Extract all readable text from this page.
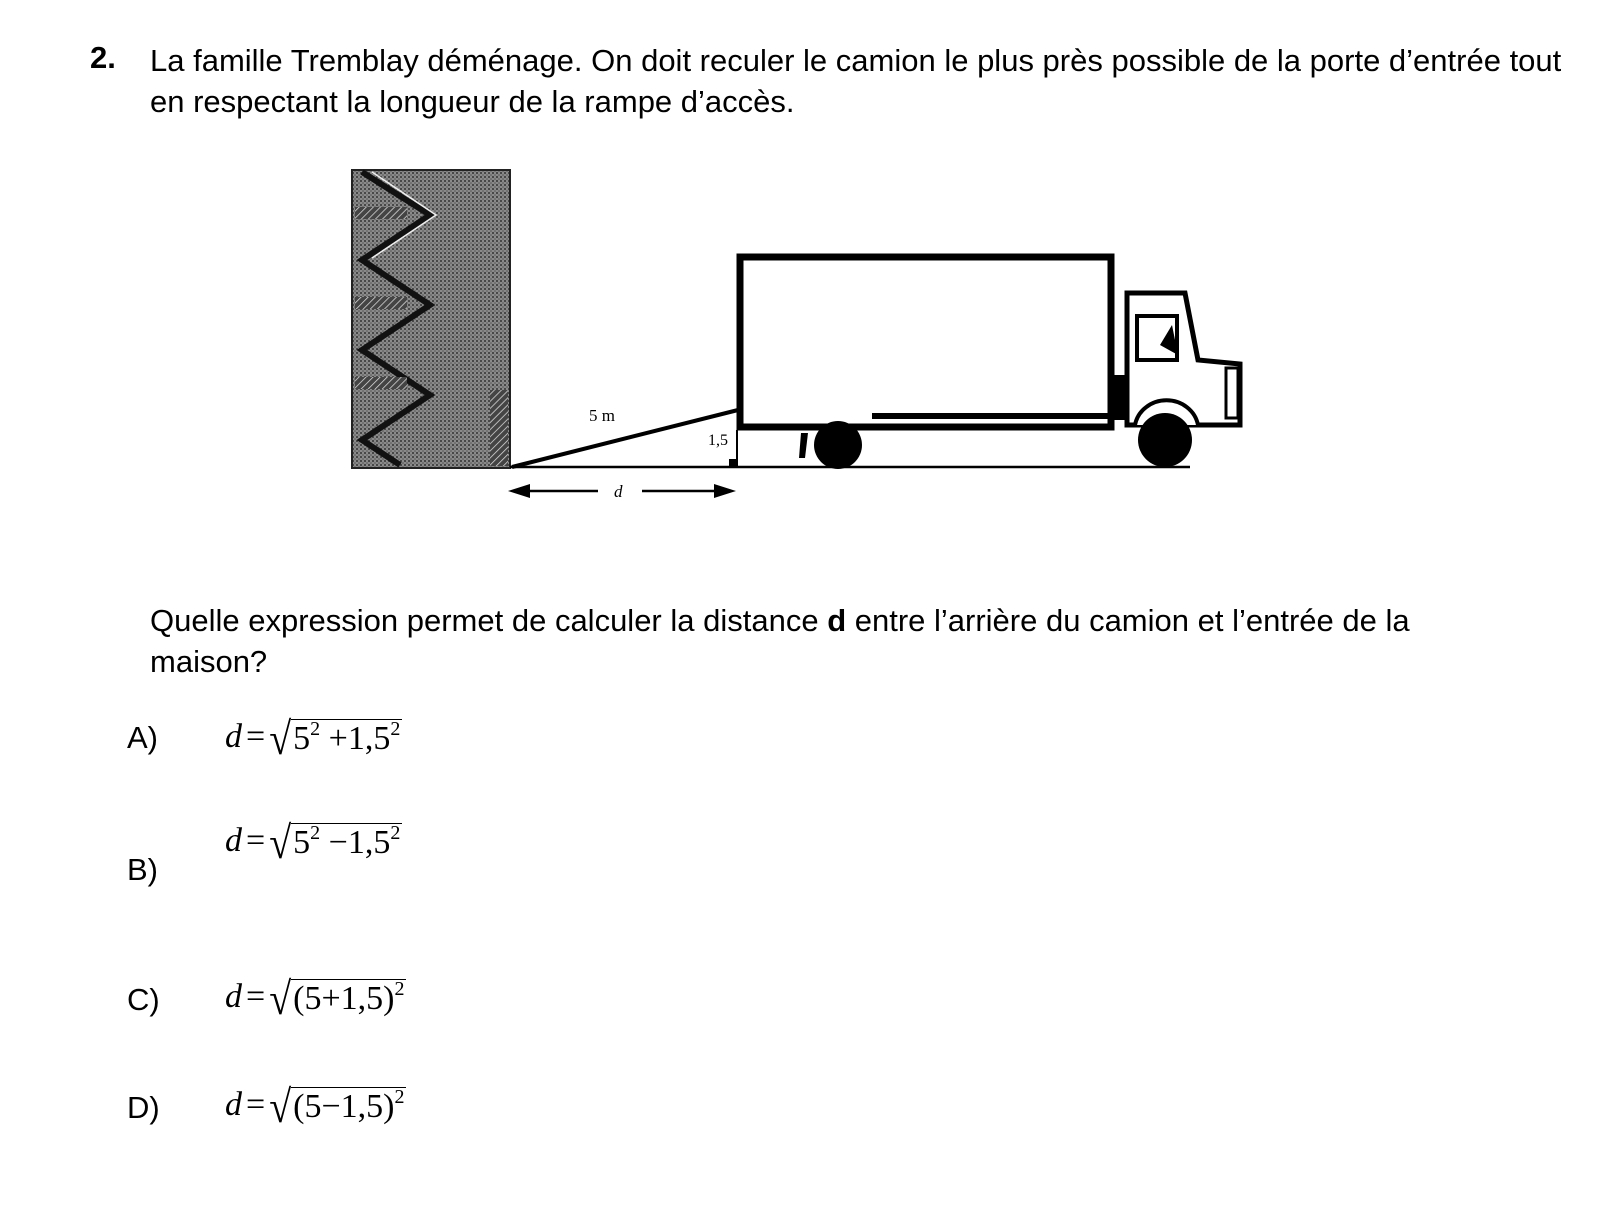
2. La famille Tremblay déménage. On doit reculer le camion le plus près possible de la porte d’entrée tout en respectant la longueur de la rampe d’accès.
5 m
1,5
d
Quelle expression permet de calculer la distance d entre l’arrière du camion et l’entrée de la maison?
A) d = √ $5^2 +1,5^2$
B)
d = √ $5^2 -1,5^2$
C) d = √ $(5+1,5)^2$
D) d = √ $(5-1,5)^2$
